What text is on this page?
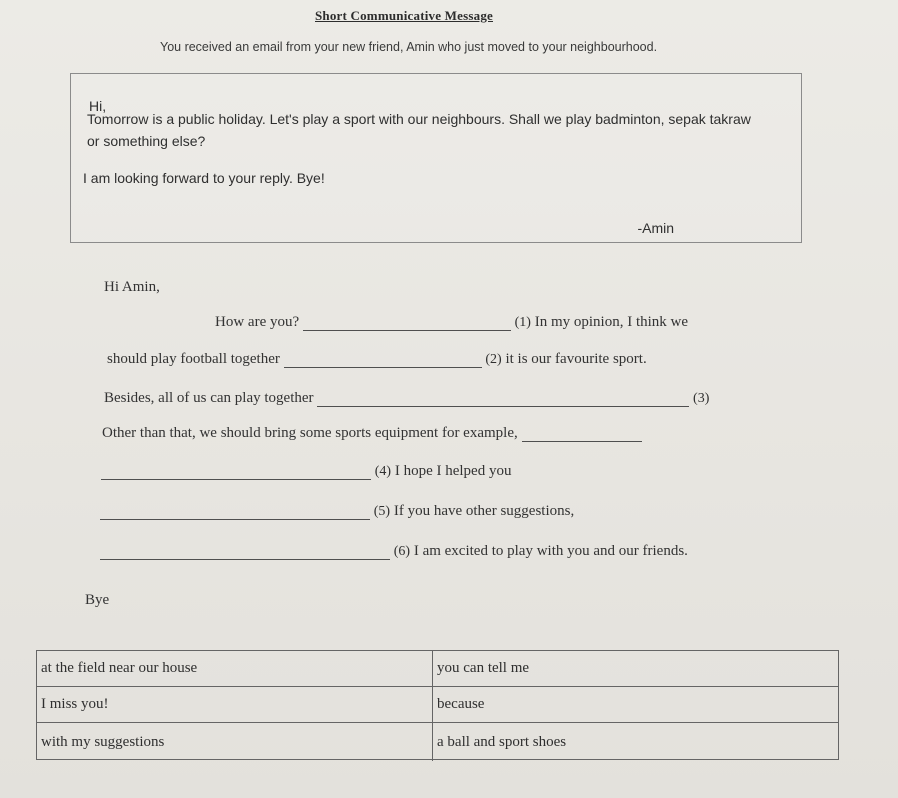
Short Communicative Message
You received an email from your new friend, Amin who just moved to your neighbourhood.
Hi,
Tomorrow is a public holiday. Let's play a sport with our neighbours. Shall we play badminton, sepak takraw or something else?
I am looking forward to your reply. Bye!
-Amin
Hi Amin,
How are you?	(1) In my opinion, I think we
should play football together	(2) it is our favourite sport.
Besides, all of us can play together	(3)
Other than that, we should bring some sports equipment for example,
(4) I hope I helped you
(5) If you have other suggestions,
(6) I am excited to play with you and our friends.
Bye
at the field near our house	you can tell me
I miss you!	because
with my suggestions	a ball and sport shoes
